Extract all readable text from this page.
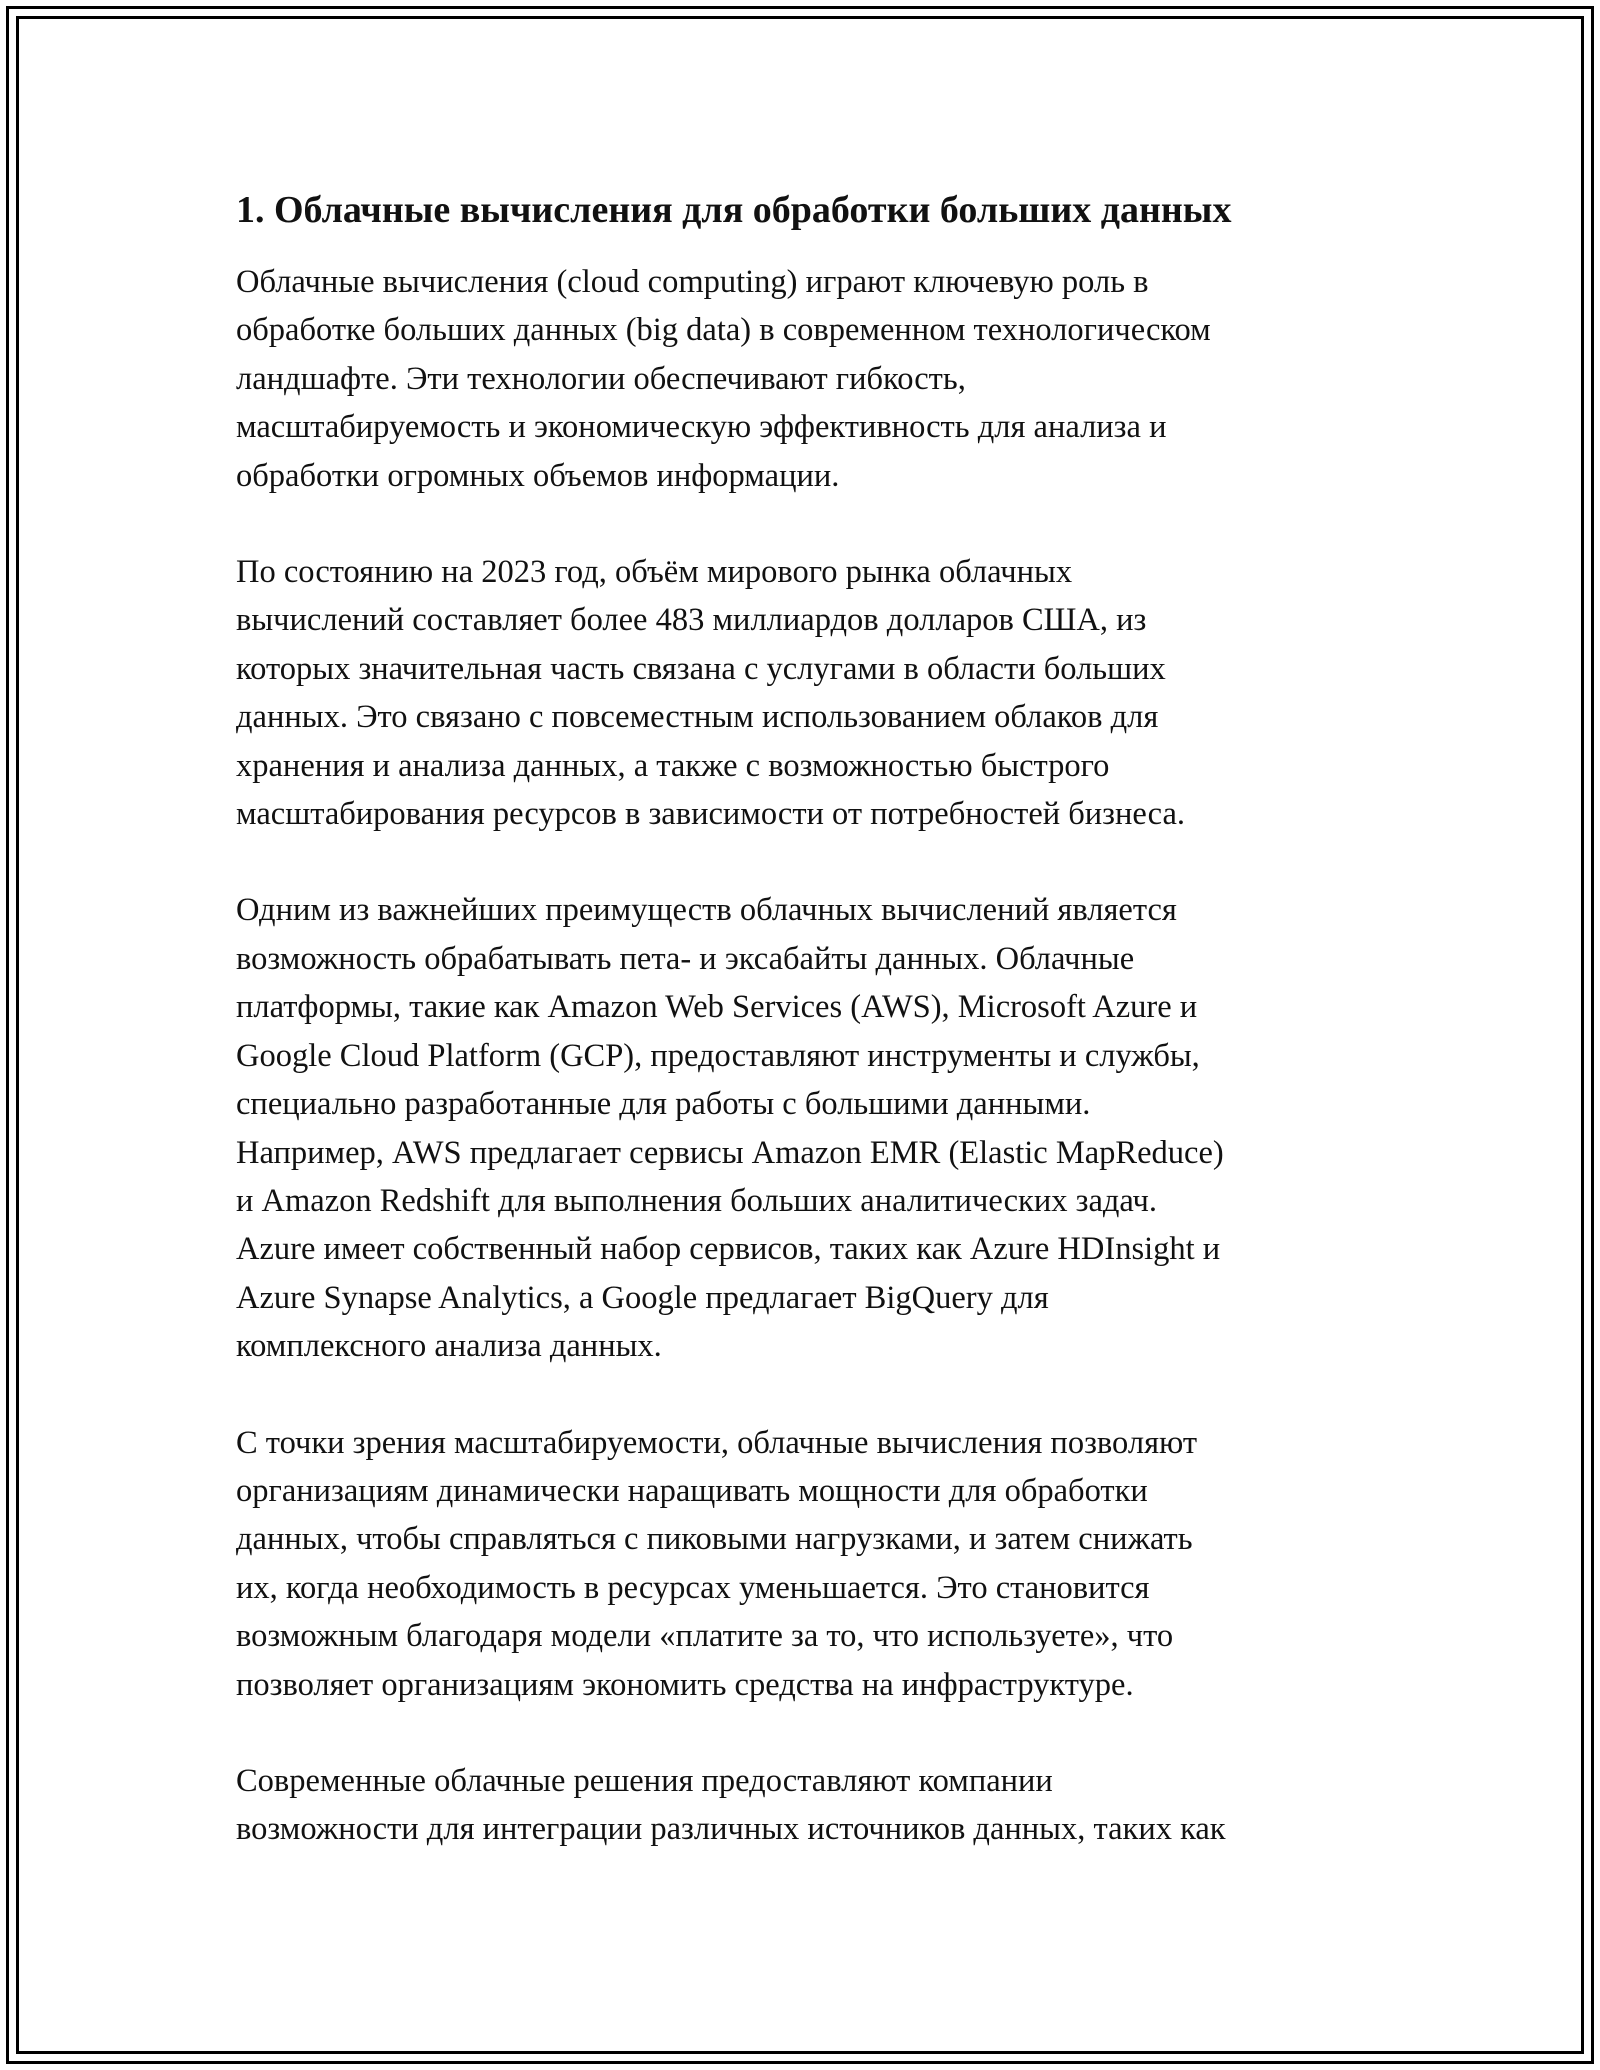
1. Облачные вычисления для обработки больших данных

Облачные вычисления (cloud computing) играют ключевую роль в
обработке больших данных (big data) в современном технологическом
ландшафте. Эти технологии обеспечивают гибкость,
масштабируемость и экономическую эффективность для анализа и
обработки огромных объемов информации.

По состоянию на 2023 год, объём мирового рынка облачных
вычислений составляет более 483 миллиардов долларов США, из
которых значительная часть связана с услугами в области больших
данных. Это связано с повсеместным использованием облаков для
хранения и анализа данных, а также с возможностью быстрого
масштабирования ресурсов в зависимости от потребностей бизнеса.

Одним из важнейших преимуществ облачных вычислений является
возможность обрабатывать пета- и эксабайты данных. Облачные
платформы, такие как Amazon Web Services (AWS), Microsoft Azure и
Google Cloud Platform (GCP), предоставляют инструменты и службы,
специально разработанные для работы с большими данными.
Например, AWS предлагает сервисы Amazon EMR (Elastic MapReduce)
и Amazon Redshift для выполнения больших аналитических задач.
Azure имеет собственный набор сервисов, таких как Azure HDInsight и
Azure Synapse Analytics, а Google предлагает BigQuery для
комплексного анализа данных.

С точки зрения масштабируемости, облачные вычисления позволяют
организациям динамически наращивать мощности для обработки
данных, чтобы справляться с пиковыми нагрузками, и затем снижать
их, когда необходимость в ресурсах уменьшается. Это становится
возможным благодаря модели «платите за то, что используете», что
позволяет организациям экономить средства на инфраструктуре.

Современные облачные решения предоставляют компании
возможности для интеграции различных источников данных, таких как
